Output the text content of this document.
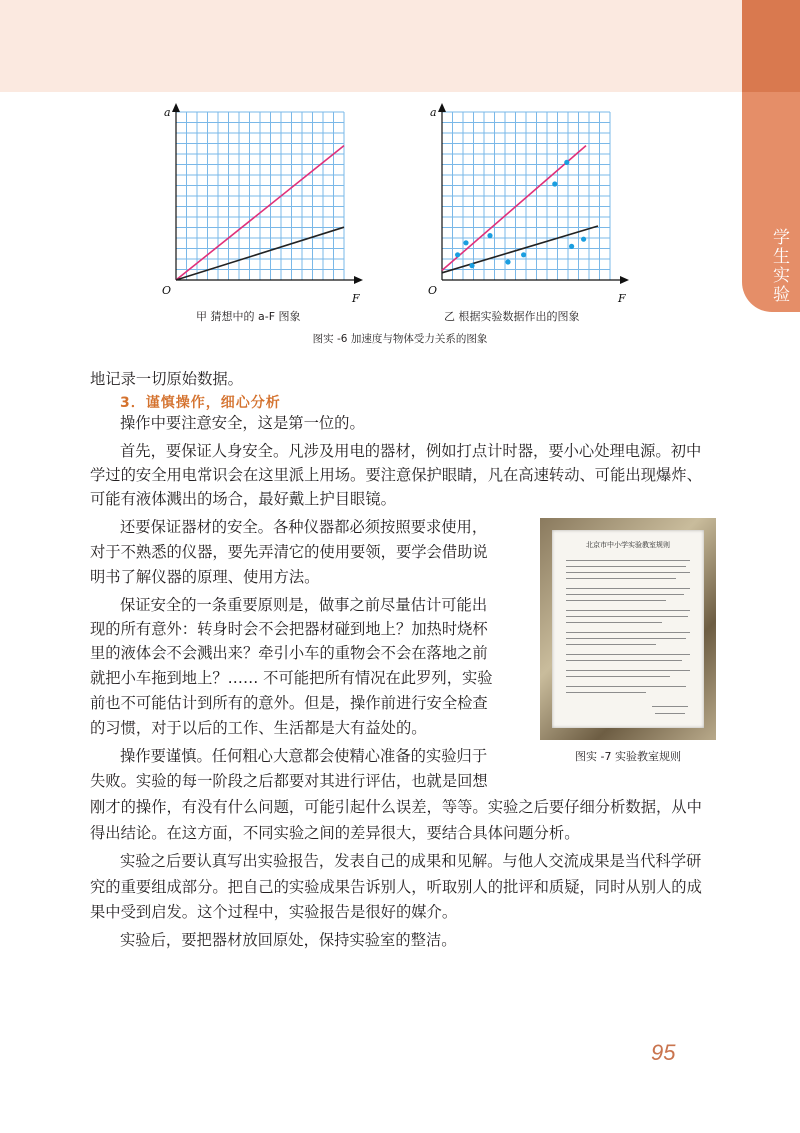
学生实验
a
F
O
甲 猜想中的 a-F 图象
a
F
O
乙 根据实验数据作出的图象
图实 -6 加速度与物体受力关系的图象

地记录一切原始数据。

3．谨慎操作，细心分析

操作中要注意安全，这是第一位的。

首先，要保证人身安全。凡涉及用电的器材，例如打点计时器，要小心处理电源。初中

学过的安全用电常识会在这里派上用场。要注意保护眼睛，凡在高速转动、可能出现爆炸、

可能有液体溅出的场合，最好戴上护目眼镜。

还要保证器材的安全。各种仪器都必须按照要求使用，

对于不熟悉的仪器，要先弄清它的使用要领，要学会借助说

明书了解仪器的原理、使用方法。

保证安全的一条重要原则是，做事之前尽量估计可能出

现的所有意外：转身时会不会把器材碰到地上？加热时烧杯

里的液体会不会溅出来？牵引小车的重物会不会在落地之前

就把小车拖到地上？…… 不可能把所有情况在此罗列，实验

前也不可能估计到所有的意外。但是，操作前进行安全检查

的习惯，对于以后的工作、生活都是大有益处的。

操作要谨慎。任何粗心大意都会使精心准备的实验归于

失败。实验的每一阶段之后都要对其进行评估，也就是回想

刚才的操作，有没有什么问题，可能引起什么误差，等等。实验之后要仔细分析数据，从中

得出结论。在这方面，不同实验之间的差异很大，要结合具体问题分析。

实验之后要认真写出实验报告，发表自己的成果和见解。与他人交流成果是当代科学研

究的重要组成部分。把自己的实验成果告诉别人，听取别人的批评和质疑，同时从别人的成

果中受到启发。这个过程中，实验报告是很好的媒介。

实验后，要把器材放回原处，保持实验室的整洁。

北京市中小学实验教室规则
图实 -7 实验教室规则
95
